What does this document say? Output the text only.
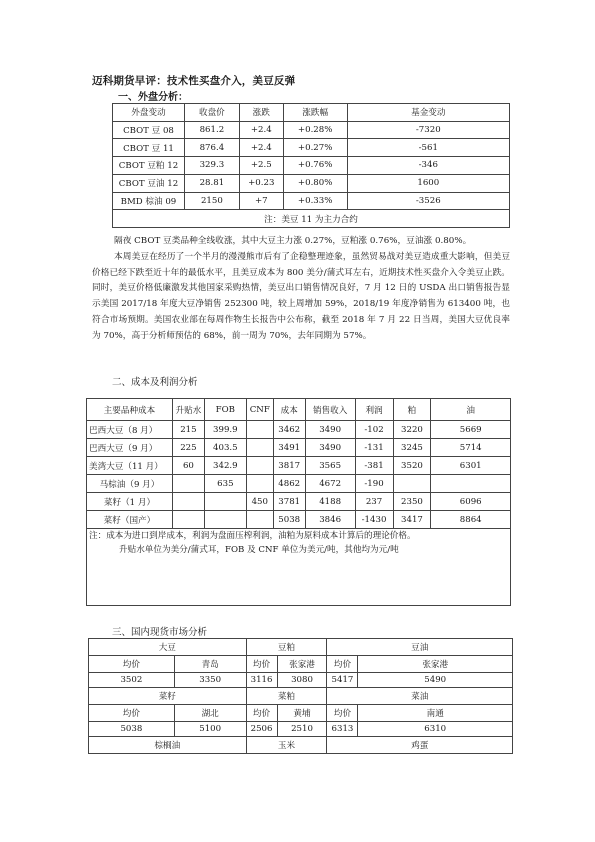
迈科期货早评：技术性买盘介入，美豆反弹
一、外盘分析：
外盘变动	收盘价	涨跌	涨跌幅	基金变动
CBOT 豆 08	861.2	+2.4	+0.28%	-7320
CBOT 豆 11	876.4	+2.4	+0.27%	-561
CBOT 豆粕 12	329.3	+2.5	+0.76%	-346
CBOT 豆油 12	28.81	+0.23	+0.80%	1600
BMD 棕油 09	2150	+7	+0.33%	-3526
注：美豆 11 为主力合约				

隔夜 CBOT 豆类品种全线收涨，其中大豆主力涨 0.27%，豆粕涨 0.76%，豆油涨 0.80%。

本周美豆在经历了一个半月的漫漫熊市后有了企稳整理迹象，虽然贸易战对美豆造成重大影响，但美豆价格已经下跌至近十年的最低水平，且美豆成本为 800 美分/蒲式耳左右，近期技术性买盘介入令美豆止跌。同时，美豆价格低廉激发其他国家采购热情，美豆出口销售情况良好，7 月 12 日的 USDA 出口销售报告显示美国 2017/18 年度大豆净销售 252300 吨，较上周增加 59%，2018/19 年度净销售为 613400 吨，也符合市场预期。美国农业部在每周作物生长报告中公布称，截至 2018 年 7 月 22 日当周，美国大豆优良率为 70%，高于分析师预估的 68%，前一周为 70%，去年同期为 57%。

二、成本及利润分析
主要品种成本	升贴水	FOB	CNF	成本	销售收入	利润	粕	油
巴西大豆（8 月）	215	399.9		3462	3490	-102	3220	5669
巴西大豆（9 月）	225	403.5		3491	3490	-131	3245	5714
美湾大豆（11 月）	60	342.9		3817	3565	-381	3520	6301
马棕油（9 月）		635		4862	4672	-190		
菜籽（1 月）			450	3781	4188	237	2350	6096
菜籽（国产）				5038	3846	-1430	3417	8864

注：成本为进口到岸成本，利润为盘面压榨利润，油粕为原料成本计算后的理论价格。
升贴水单位为美分/蒲式耳，FOB 及 CNF 单位为美元/吨，其他均为元/吨								
三、国内现货市场分析
大豆		豆粕		豆油	
均价	青岛	均价	张家港	均价	张家港
3502	3350	3116	3080	5417	5490
菜籽		菜粕		菜油	
均价	湖北	均价	黄埔	均价	南通
5038	5100	2506	2510	6313	6310
棕榈油		玉米		鸡蛋	
